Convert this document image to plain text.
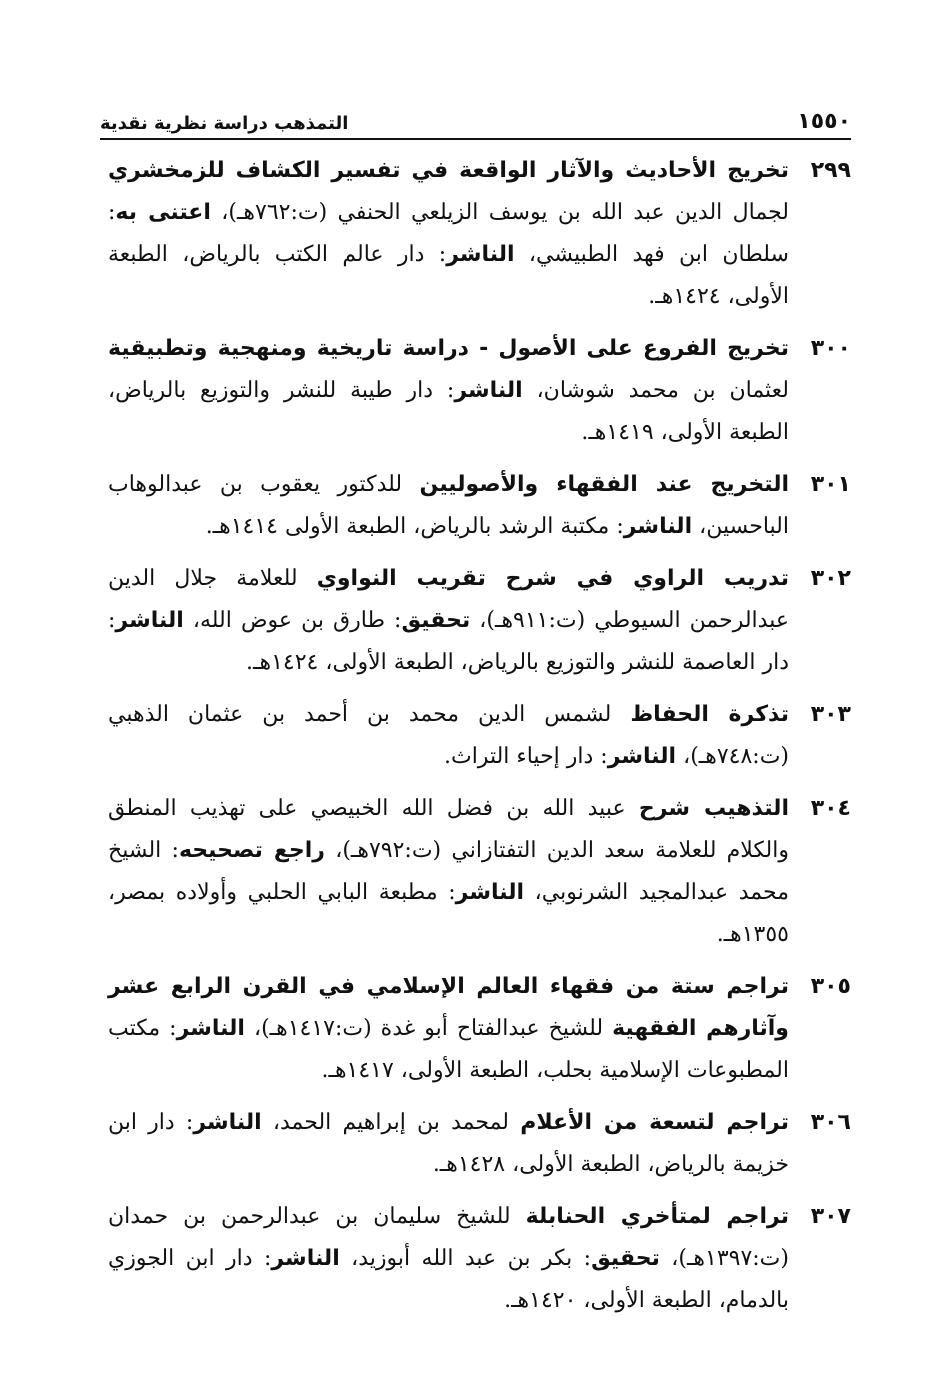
١٥٥٠
التمذهب دراسة نظرية نقدية
٢٩٩
تخريج الأحاديث والآثار الواقعة في تفسير الكشاف للزمخشري لجمال الدين عبد الله بن يوسف الزيلعي الحنفي (ت:٧٦٢هـ)، اعتنى به: سلطان ابن فهد الطبيشي، الناشر: دار عالم الكتب بالرياض، الطبعة الأولى، ١٤٢٤هـ.
٣٠٠
تخريج الفروع على الأصول - دراسة تاريخية ومنهجية وتطبيقية لعثمان بن محمد شوشان، الناشر: دار طيبة للنشر والتوزيع بالرياض، الطبعة الأولى، ١٤١٩هـ.
٣٠١
التخريج عند الفقهاء والأصوليين للدكتور يعقوب بن عبدالوهاب الباحسين، الناشر: مكتبة الرشد بالرياض، الطبعة الأولى ١٤١٤هـ.
٣٠٢
تدريب الراوي في شرح تقريب النواوي للعلامة جلال الدين عبدالرحمن السيوطي (ت:٩١١هـ)، تحقيق: طارق بن عوض الله، الناشر: دار العاصمة للنشر والتوزيع بالرياض، الطبعة الأولى، ١٤٢٤هـ.
٣٠٣
تذكرة الحفاظ لشمس الدين محمد بن أحمد بن عثمان الذهبي (ت:٧٤٨هـ)، الناشر: دار إحياء التراث.
٣٠٤
التذهيب شرح عبيد الله بن فضل الله الخبيصي على تهذيب المنطق والكلام للعلامة سعد الدين التفتازاني (ت:٧٩٢هـ)، راجع تصحيحه: الشيخ محمد عبدالمجيد الشرنوبي، الناشر: مطبعة البابي الحلبي وأولاده بمصر، ١٣٥٥هـ.
٣٠٥
تراجم ستة من فقهاء العالم الإسلامي في القرن الرابع عشر وآثارهم الفقهية للشيخ عبدالفتاح أبو غدة (ت:١٤١٧هـ)، الناشر: مكتب المطبوعات الإسلامية بحلب، الطبعة الأولى، ١٤١٧هـ.
٣٠٦
تراجم لتسعة من الأعلام لمحمد بن إبراهيم الحمد، الناشر: دار ابن خزيمة بالرياض، الطبعة الأولى، ١٤٢٨هـ.
٣٠٧
تراجم لمتأخري الحنابلة للشيخ سليمان بن عبدالرحمن بن حمدان (ت:١٣٩٧هـ)، تحقيق: بكر بن عبد الله أبوزيد، الناشر: دار ابن الجوزي بالدمام، الطبعة الأولى، ١٤٢٠هـ.
